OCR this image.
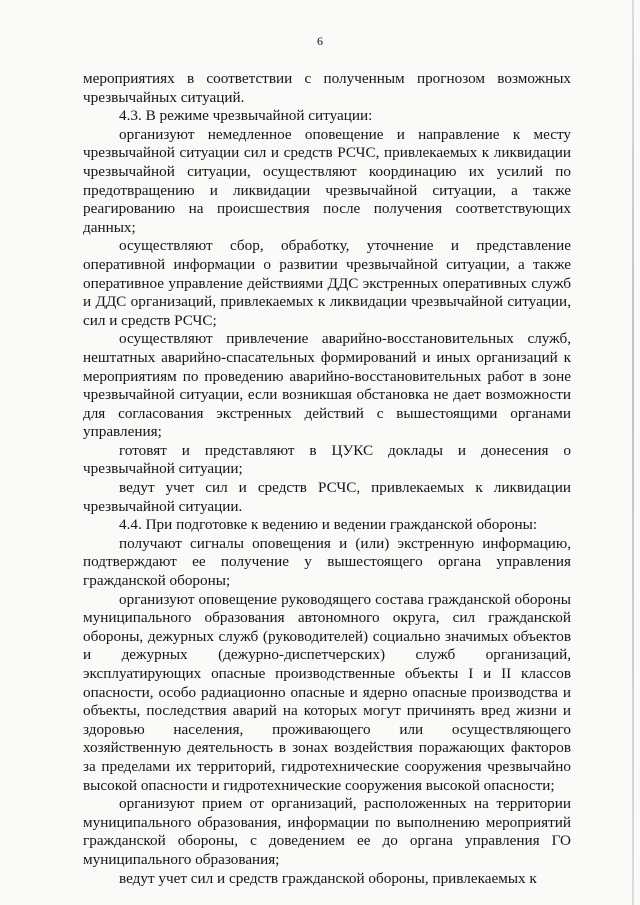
6

мероприятиях в соответствии с полученным прогнозом возможных чрезвычайных ситуаций.

4.3. В режиме чрезвычайной ситуации:

организуют немедленное оповещение и направление к месту чрезвычайной ситуации сил и средств РСЧС, привлекаемых к ликвидации чрезвычайной ситуации, осуществляют координацию их усилий по предотвращению и ликвидации чрезвычайной ситуации, а также реагированию на происшествия после получения соответствующих данных;

осуществляют сбор, обработку, уточнение и представление оперативной информации о развитии чрезвычайной ситуации, а также оперативное управление действиями ДДС экстренных оперативных служб и ДДС организаций, привлекаемых к ликвидации чрезвычайной ситуации, сил и средств РСЧС;

осуществляют привлечение аварийно-восстановительных служб, нештатных аварийно-спасательных формирований и иных организаций к мероприятиям по проведению аварийно-восстановительных работ в зоне чрезвычайной ситуации, если возникшая обстановка не дает возможности для согласования экстренных действий с вышестоящими органами управления;

готовят и представляют в ЦУКС доклады и донесения о чрезвычайной ситуации;

ведут учет сил и средств РСЧС, привлекаемых к ликвидации чрезвычайной ситуации.

4.4. При подготовке к ведению и ведении гражданской обороны:

получают сигналы оповещения и (или) экстренную информацию, подтверждают ее получение у вышестоящего органа управления гражданской обороны;

организуют оповещение руководящего состава гражданской обороны муниципального образования автономного округа, сил гражданской обороны, дежурных служб (руководителей) социально значимых объектов и дежурных (дежурно-диспетчерских) служб организаций, эксплуатирующих опасные производственные объекты I и II классов опасности, особо радиационно опасные и ядерно опасные производства и объекты, последствия аварий на которых могут причинять вред жизни и здоровью населения, проживающего или осуществляющего хозяйственную деятельность в зонах воздействия поражающих факторов за пределами их территорий, гидротехнические сооружения чрезвычайно высокой опасности и гидротехнические сооружения высокой опасности;

организуют прием от организаций, расположенных на территории муниципального образования, информации по выполнению мероприятий гражданской обороны, с доведением ее до органа управления ГО муниципального образования;

ведут учет сил и средств гражданской обороны, привлекаемых к
